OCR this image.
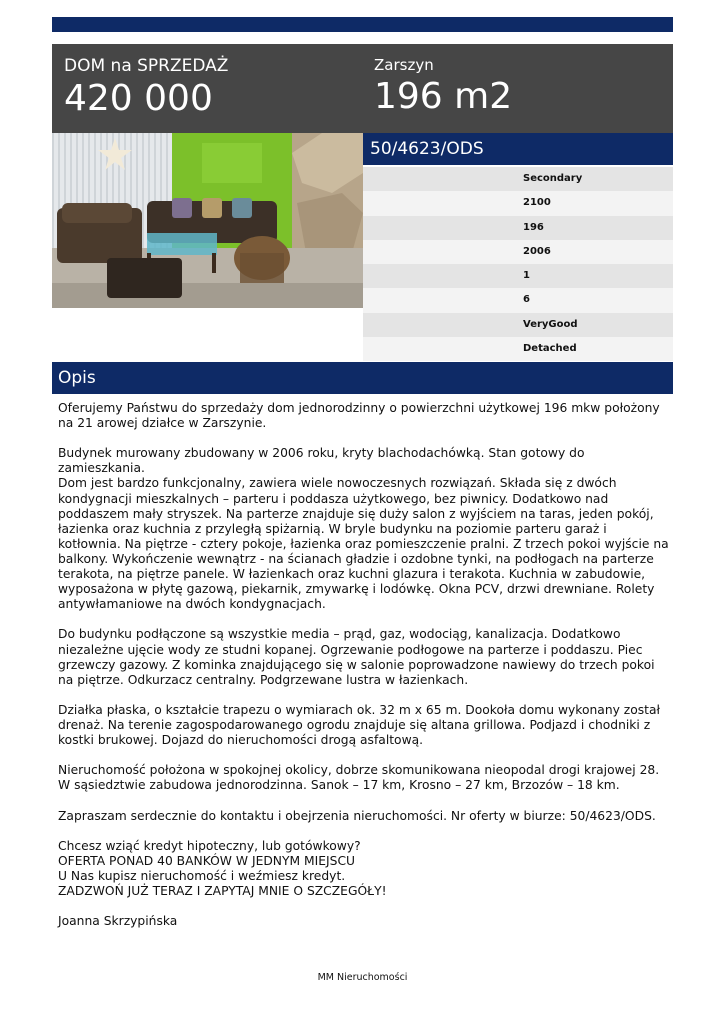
DOM na SPRZEDAŻ
420 000
Zarszyn
196 m2
50/4623/ODS
Secondary
2100
196
2006
1
6
VeryGood
Detached
Opis

Oferujemy Państwu do sprzedaży dom jednorodzinny o powierzchni użytkowej 196 mkw położony na 21 arowej działce w Zarszynie.

Budynek murowany zbudowany w 2006 roku, kryty blachodachówką. Stan gotowy do zamieszkania.

Dom jest bardzo funkcjonalny, zawiera wiele nowoczesnych rozwiązań. Składa się z dwóch kondygnacji mieszkalnych – parteru i poddasza użytkowego, bez piwnicy. Dodatkowo nad poddaszem mały stryszek. Na parterze znajduje się duży salon z wyjściem na taras, jeden pokój, łazienka oraz kuchnia z przyległą spiżarnią. W bryle budynku na poziomie parteru garaż i kotłownia. Na piętrze - cztery pokoje, łazienka oraz pomieszczenie pralni. Z trzech pokoi wyjście na balkony. Wykończenie wewnątrz - na ścianach gładzie i ozdobne tynki, na podłogach na parterze terakota, na piętrze panele. W łazienkach oraz kuchni glazura i terakota. Kuchnia w zabudowie, wyposażona w płytę gazową, piekarnik, zmywarkę i lodówkę. Okna PCV, drzwi drewniane. Rolety antywłamaniowe na dwóch kondygnacjach.

Do budynku podłączone są wszystkie media – prąd, gaz, wodociąg, kanalizacja. Dodatkowo niezależne ujęcie wody ze studni kopanej. Ogrzewanie podłogowe na parterze i poddaszu. Piec grzewczy gazowy. Z kominka znajdującego się w salonie poprowadzone nawiewy do trzech pokoi na piętrze. Odkurzacz centralny. Podgrzewane lustra w łazienkach.

Działka płaska, o kształcie trapezu o wymiarach ok. 32 m x 65 m. Dookoła domu wykonany został drenaż. Na terenie zagospodarowanego ogrodu znajduje się altana grillowa. Podjazd i chodniki z kostki brukowej. Dojazd do nieruchomości drogą asfaltową.

Nieruchomość położona w spokojnej okolicy, dobrze skomunikowana nieopodal drogi krajowej 28. W sąsiedztwie zabudowa jednorodzinna. Sanok – 17 km, Krosno – 27 km, Brzozów – 18 km.

Zapraszam serdecznie do kontaktu i obejrzenia nieruchomości. Nr oferty w biurze: 50/4623/ODS.

Chcesz wziąć kredyt hipoteczny, lub gotówkowy?

OFERTA PONAD 40 BANKÓW W JEDNYM MIEJSCU

U Nas kupisz nieruchomość i weźmiesz kredyt.

ZADZWOŃ JUŻ TERAZ I ZAPYTAJ MNIE O SZCZEGÓŁY!

Joanna Skrzypińska

MM Nieruchomości
